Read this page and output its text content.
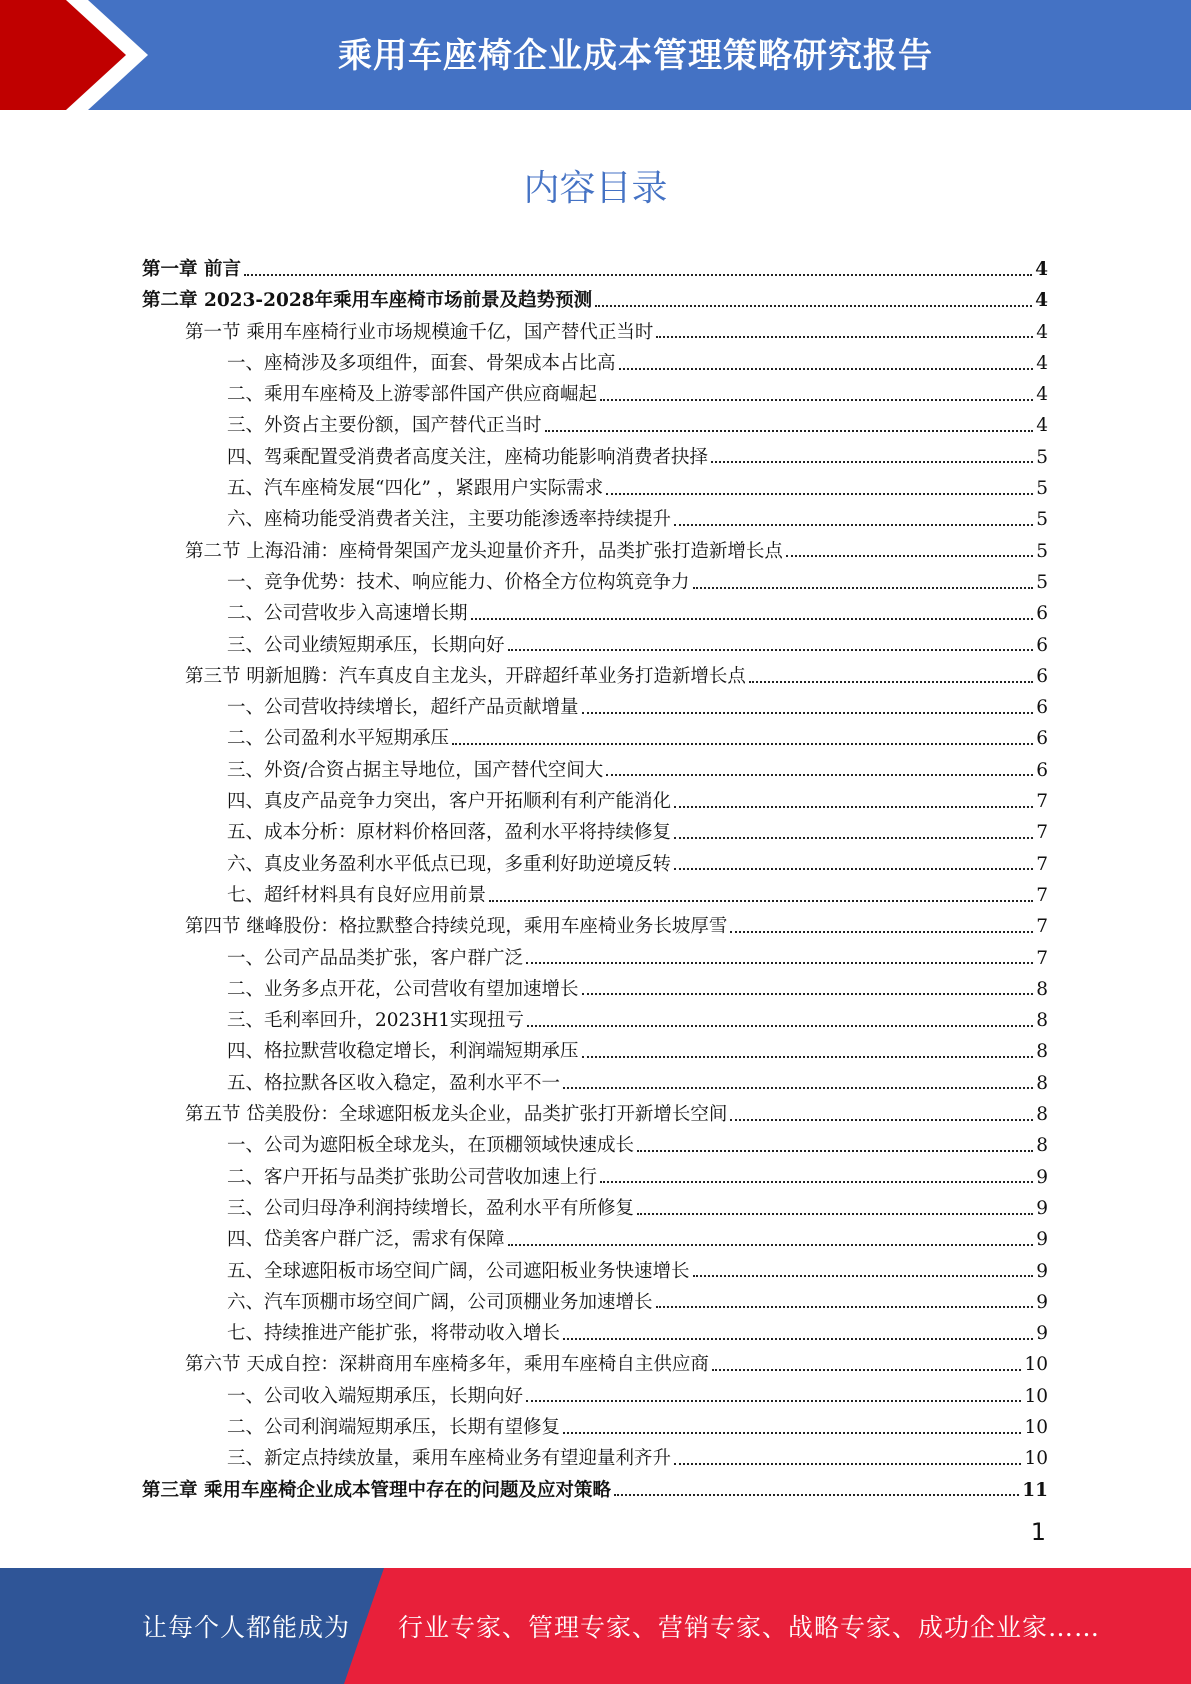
乘用车座椅企业成本管理策略研究报告
内容目录
第一章 前言	4
第二章 2023-2028年乘用车座椅市场前景及趋势预测	4
第一节 乘用车座椅行业市场规模逾千亿，国产替代正当时	4
一、座椅涉及多项组件，面套、骨架成本占比高	4
二、乘用车座椅及上游零部件国产供应商崛起	4
三、外资占主要份额，国产替代正当时	4
四、驾乘配置受消费者高度关注，座椅功能影响消费者抉择	5
五、汽车座椅发展“四化” ，紧跟用户实际需求	5
六、座椅功能受消费者关注，主要功能渗透率持续提升	5
第二节 上海沿浦：座椅骨架国产龙头迎量价齐升，品类扩张打造新增长点	5
一、竞争优势：技术、响应能力、价格全方位构筑竞争力	5
二、公司营收步入高速增长期	6
三、公司业绩短期承压，长期向好	6
第三节 明新旭腾：汽车真皮自主龙头，开辟超纤革业务打造新增长点	6
一、公司营收持续增长，超纤产品贡献增量	6
二、公司盈利水平短期承压	6
三、外资/合资占据主导地位，国产替代空间大	6
四、真皮产品竞争力突出，客户开拓顺利有利产能消化	7
五、成本分析：原材料价格回落，盈利水平将持续修复	7
六、真皮业务盈利水平低点已现，多重利好助逆境反转	7
七、超纤材料具有良好应用前景	7
第四节 继峰股份：格拉默整合持续兑现，乘用车座椅业务长坡厚雪	7
一、公司产品品类扩张，客户群广泛	7
二、业务多点开花，公司营收有望加速增长	8
三、毛利率回升，2023H1实现扭亏	8
四、格拉默营收稳定增长，利润端短期承压	8
五、格拉默各区收入稳定，盈利水平不一	8
第五节 岱美股份：全球遮阳板龙头企业，品类扩张打开新增长空间	8
一、公司为遮阳板全球龙头，在顶棚领域快速成长	8
二、客户开拓与品类扩张助公司营收加速上行	9
三、公司归母净利润持续增长，盈利水平有所修复	9
四、岱美客户群广泛，需求有保障	9
五、全球遮阳板市场空间广阔，公司遮阳板业务快速增长	9
六、汽车顶棚市场空间广阔，公司顶棚业务加速增长	9
七、持续推进产能扩张，将带动收入增长	9
第六节 天成自控：深耕商用车座椅多年，乘用车座椅自主供应商	10
一、公司收入端短期承压，长期向好	10
二、公司利润端短期承压，长期有望修复	10
三、新定点持续放量，乘用车座椅业务有望迎量利齐升	10
第三章 乘用车座椅企业成本管理中存在的问题及应对策略	11
1
让每个人都能成为 行业专家、管理专家、营销专家、战略专家、成功企业家……
